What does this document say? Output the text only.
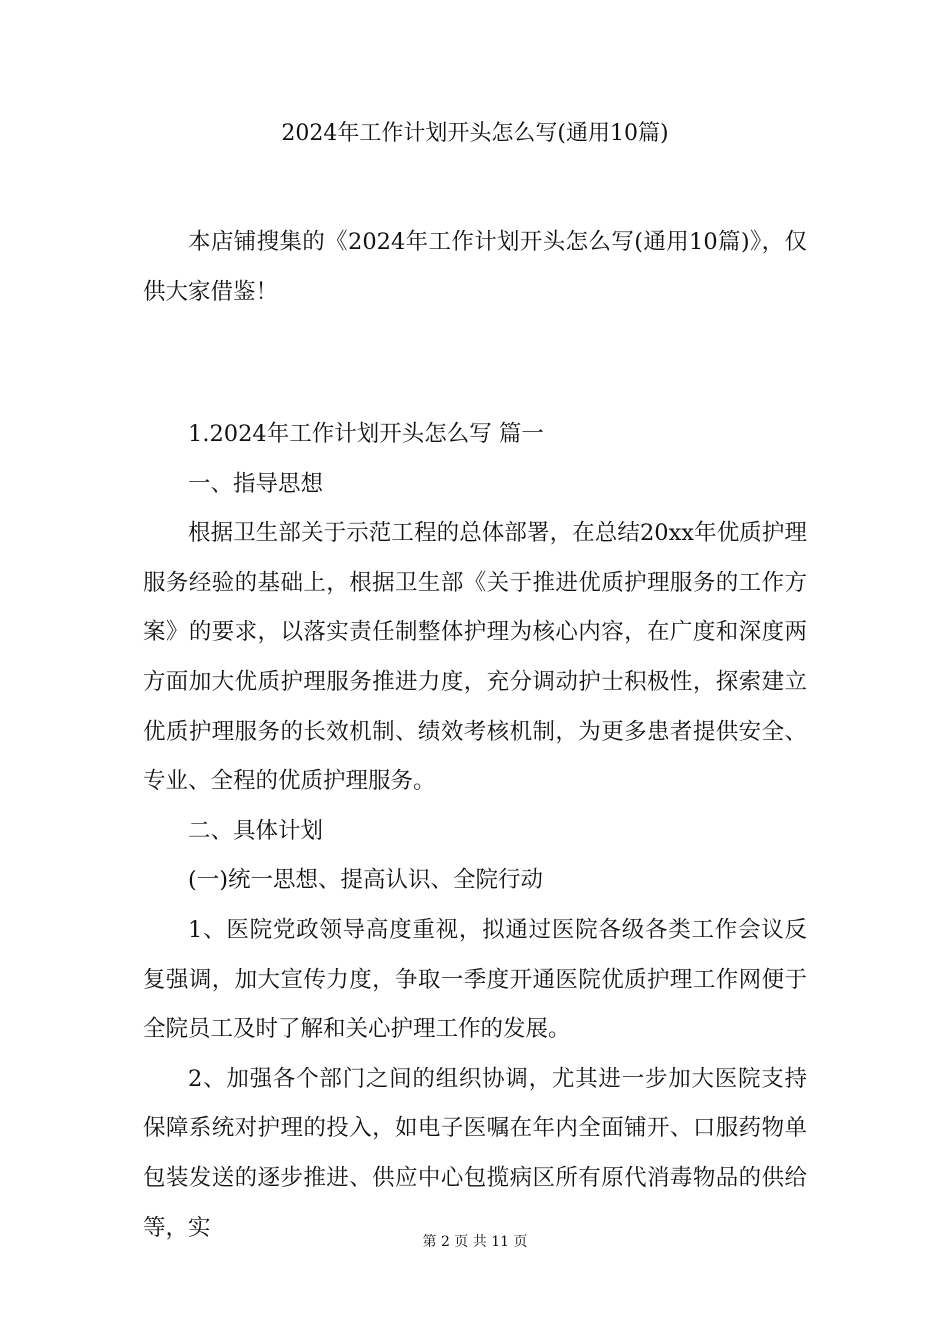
2024年工作计划开头怎么写(通用10篇)

本店铺搜集的《2024年工作计划开头怎么写(通用10篇)》，仅供大家借鉴！

1.2024年工作计划开头怎么写 篇一

一、指导思想

根据卫生部关于示范工程的总体部署，在总结20xx年优质护理服务经验的基础上，根据卫生部《关于推进优质护理服务的工作方案》的要求，以落实责任制整体护理为核心内容，在广度和深度两方面加大优质护理服务推进力度，充分调动护士积极性，探索建立优质护理服务的长效机制、绩效考核机制，为更多患者提供安全、专业、全程的优质护理服务。

二、具体计划

(一)统一思想、提高认识、全院行动

1、医院党政领导高度重视，拟通过医院各级各类工作会议反复强调，加大宣传力度，争取一季度开通医院优质护理工作网便于全院员工及时了解和关心护理工作的发展。

2、加强各个部门之间的组织协调，尤其进一步加大医院支持保障系统对护理的投入，如电子医嘱在年内全面铺开、口服药物单包装发送的逐步推进、供应中心包揽病区所有原代消毒物品的供给等，实

第 2 页 共 11 页
